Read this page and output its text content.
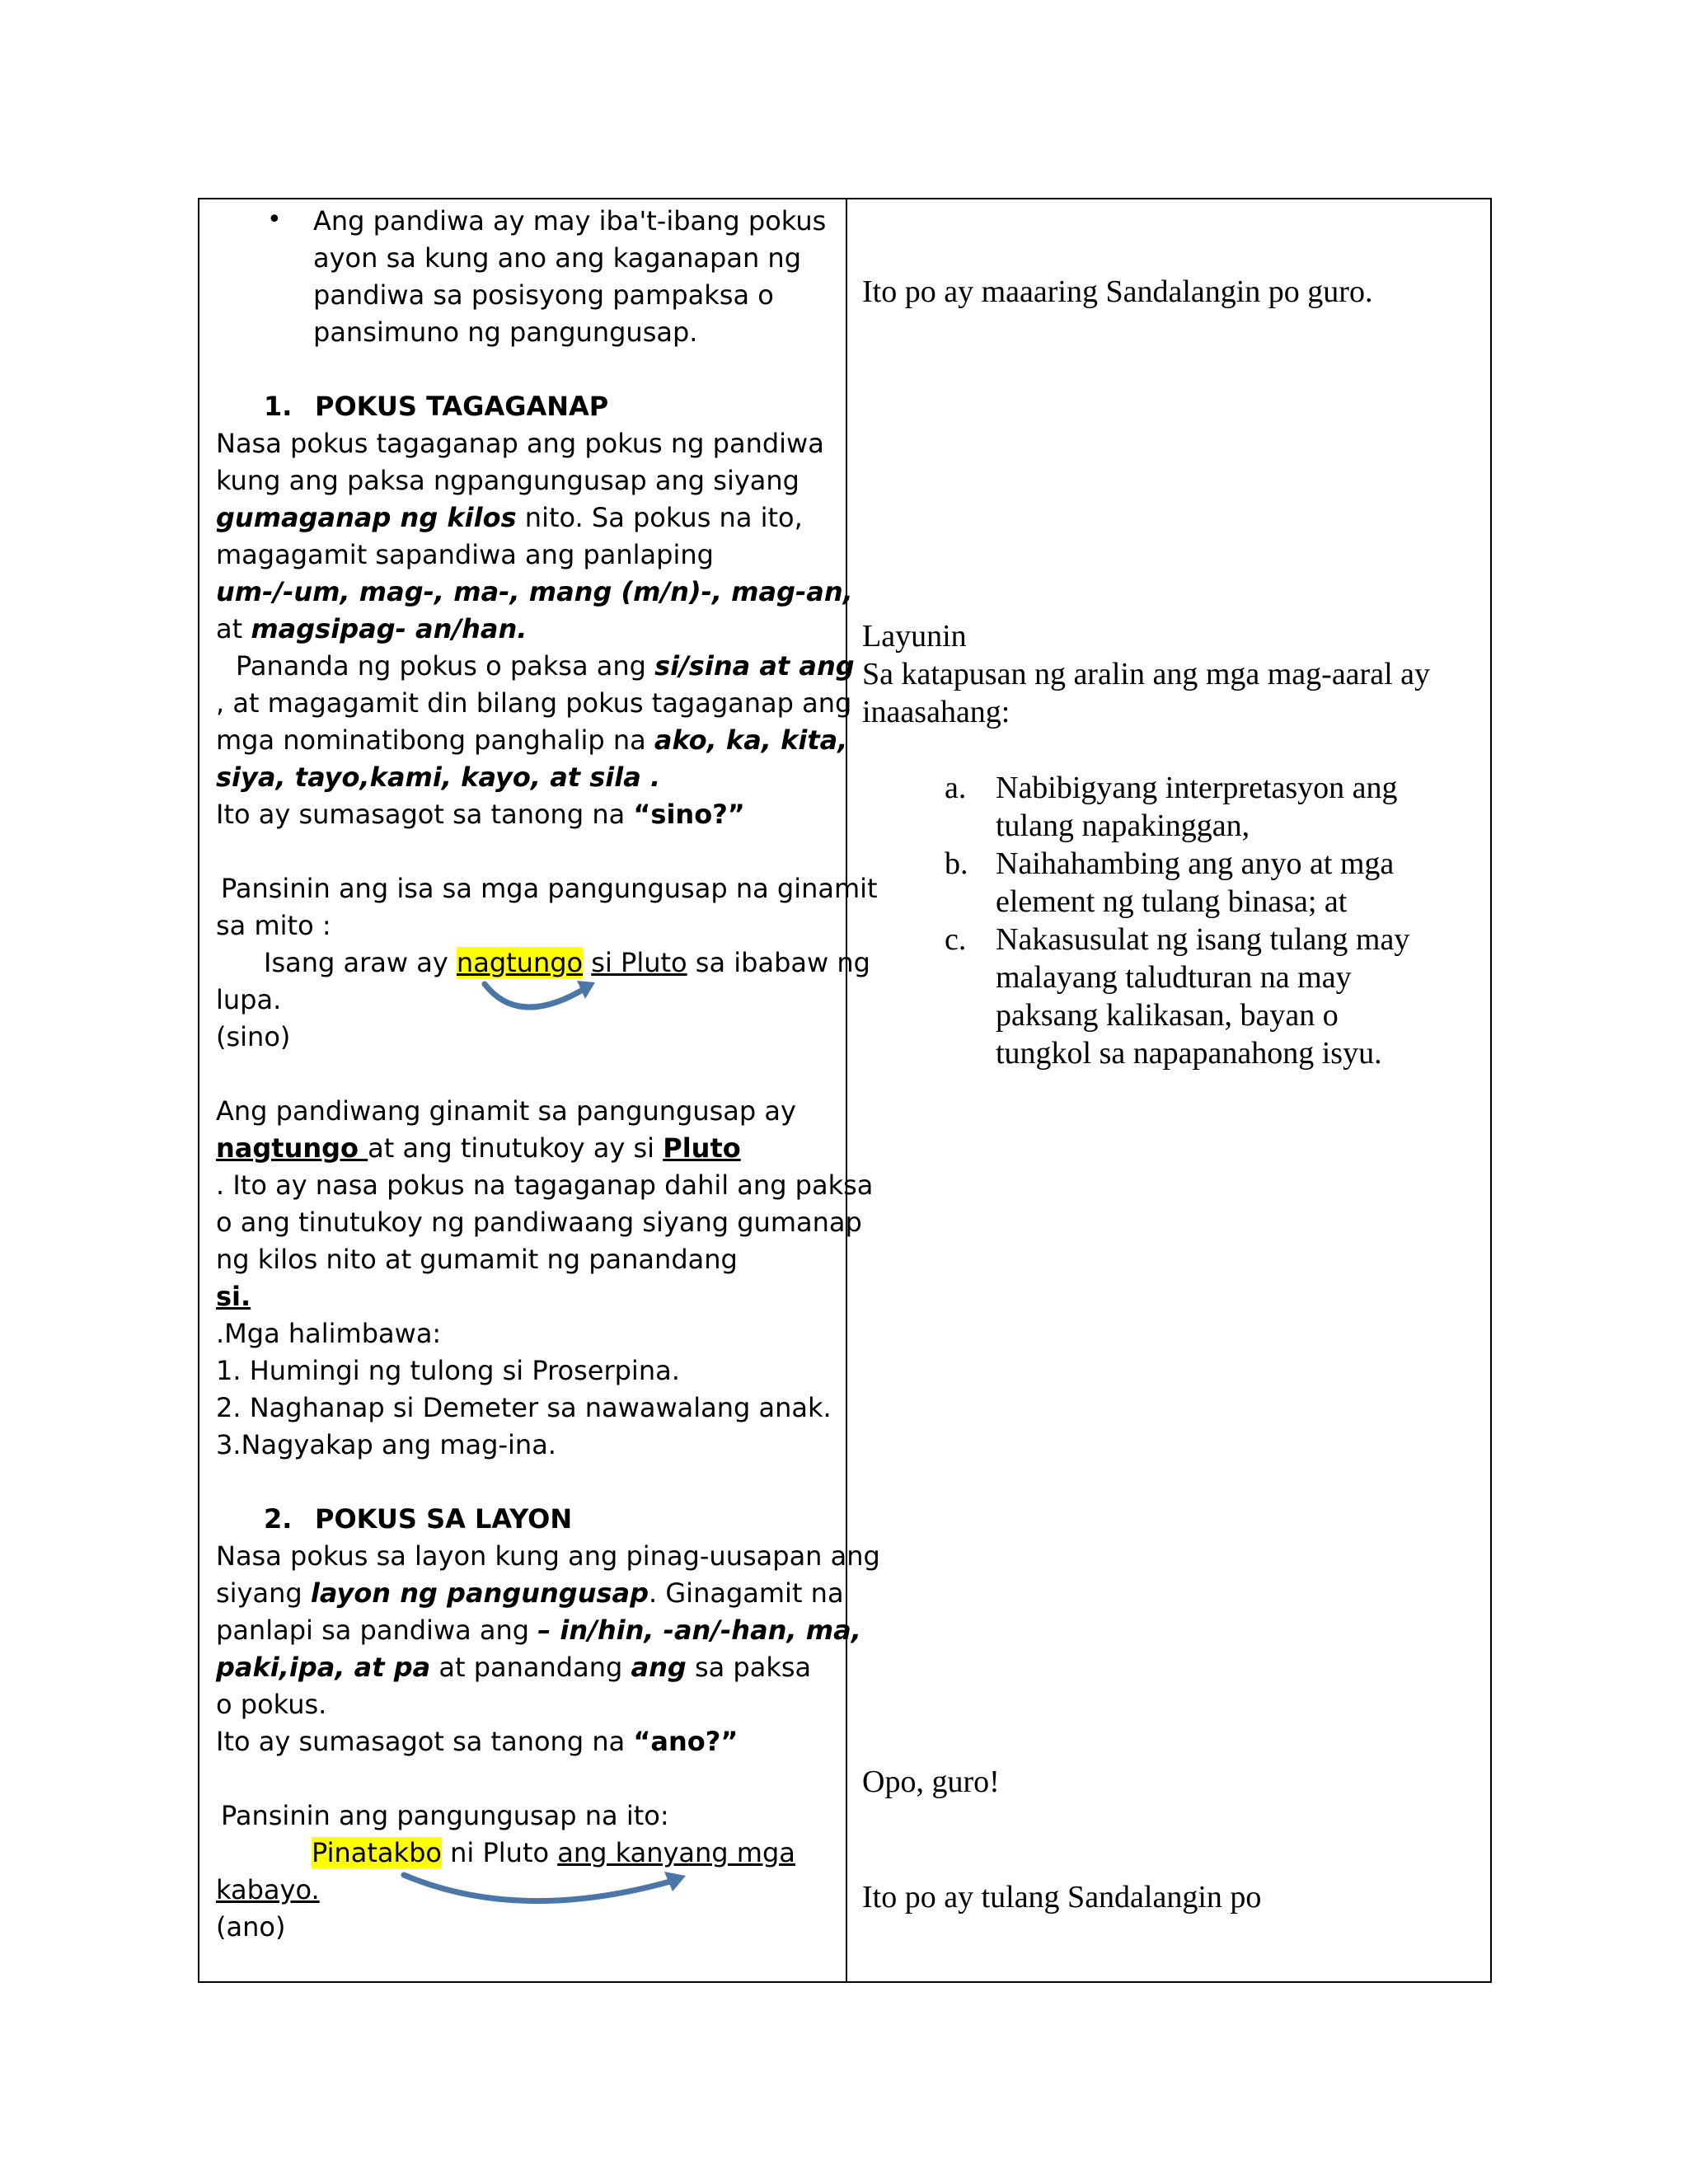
• Ang pandiwa ay may iba't-ibang pokus
ayon sa kung ano ang kaganapan ng
pandiwa sa posisyong pampaksa o
pansimuno ng pangungusap.
1. POKUS TAGAGANAP
Nasa pokus tagaganap ang pokus ng pandiwa
kung ang paksa ngpangungusap ang siyang
gumaganap ng kilos nito. Sa pokus na ito,
magagamit sapandiwa ang panlaping
um-/-um, mag-, ma-, mang (m/n)-, mag-an,
at magsipag- an/han.
Pananda ng pokus o paksa ang si/sina at ang
, at magagamit din bilang pokus tagaganap ang
mga nominatibong panghalip na ako, ka, kita,
siya, tayo,kami, kayo, at sila .
Ito ay sumasagot sa tanong na “sino?”
Pansinin ang isa sa mga pangungusap na ginamit
sa mito :
Isang araw ay nagtungo si Pluto sa ibabaw ng
lupa.
(sino)
Ang pandiwang ginamit sa pangungusap ay
nagtungo at ang tinutukoy ay si Pluto
. Ito ay nasa pokus na tagaganap dahil ang paksa
o ang tinutukoy ng pandiwaang siyang gumanap
ng kilos nito at gumamit ng panandang
si.
.Mga halimbawa:
1. Humingi ng tulong si Proserpina.
2. Naghanap si Demeter sa nawawalang anak.
3.Nagyakap ang mag-ina.
2. POKUS SA LAYON
Nasa pokus sa layon kung ang pinag-uusapan ang
siyang layon ng pangungusap. Ginagamit na
panlapi sa pandiwa ang – in/hin, -an/-han, ma,
paki,ipa, at pa at panandang ang sa paksa
o pokus.
Ito ay sumasagot sa tanong na “ano?”
Pansinin ang pangungusap na ito:
Pinatakbo ni Pluto ang kanyang mga
kabayo.
(ano)
Ito po ay maaaring Sandalangin po guro.
Layunin
Sa katapusan ng aralin ang mga mag-aaral ay
inaasahang:
a. Nabibigyang interpretasyon ang
tulang napakinggan,
b. Naihahambing ang anyo at mga
element ng tulang binasa; at
c. Nakasusulat ng isang tulang may
malayang taludturan na may
paksang kalikasan, bayan o
tungkol sa napapanahong isyu.
Opo, guro!
Ito po ay tulang Sandalangin po
